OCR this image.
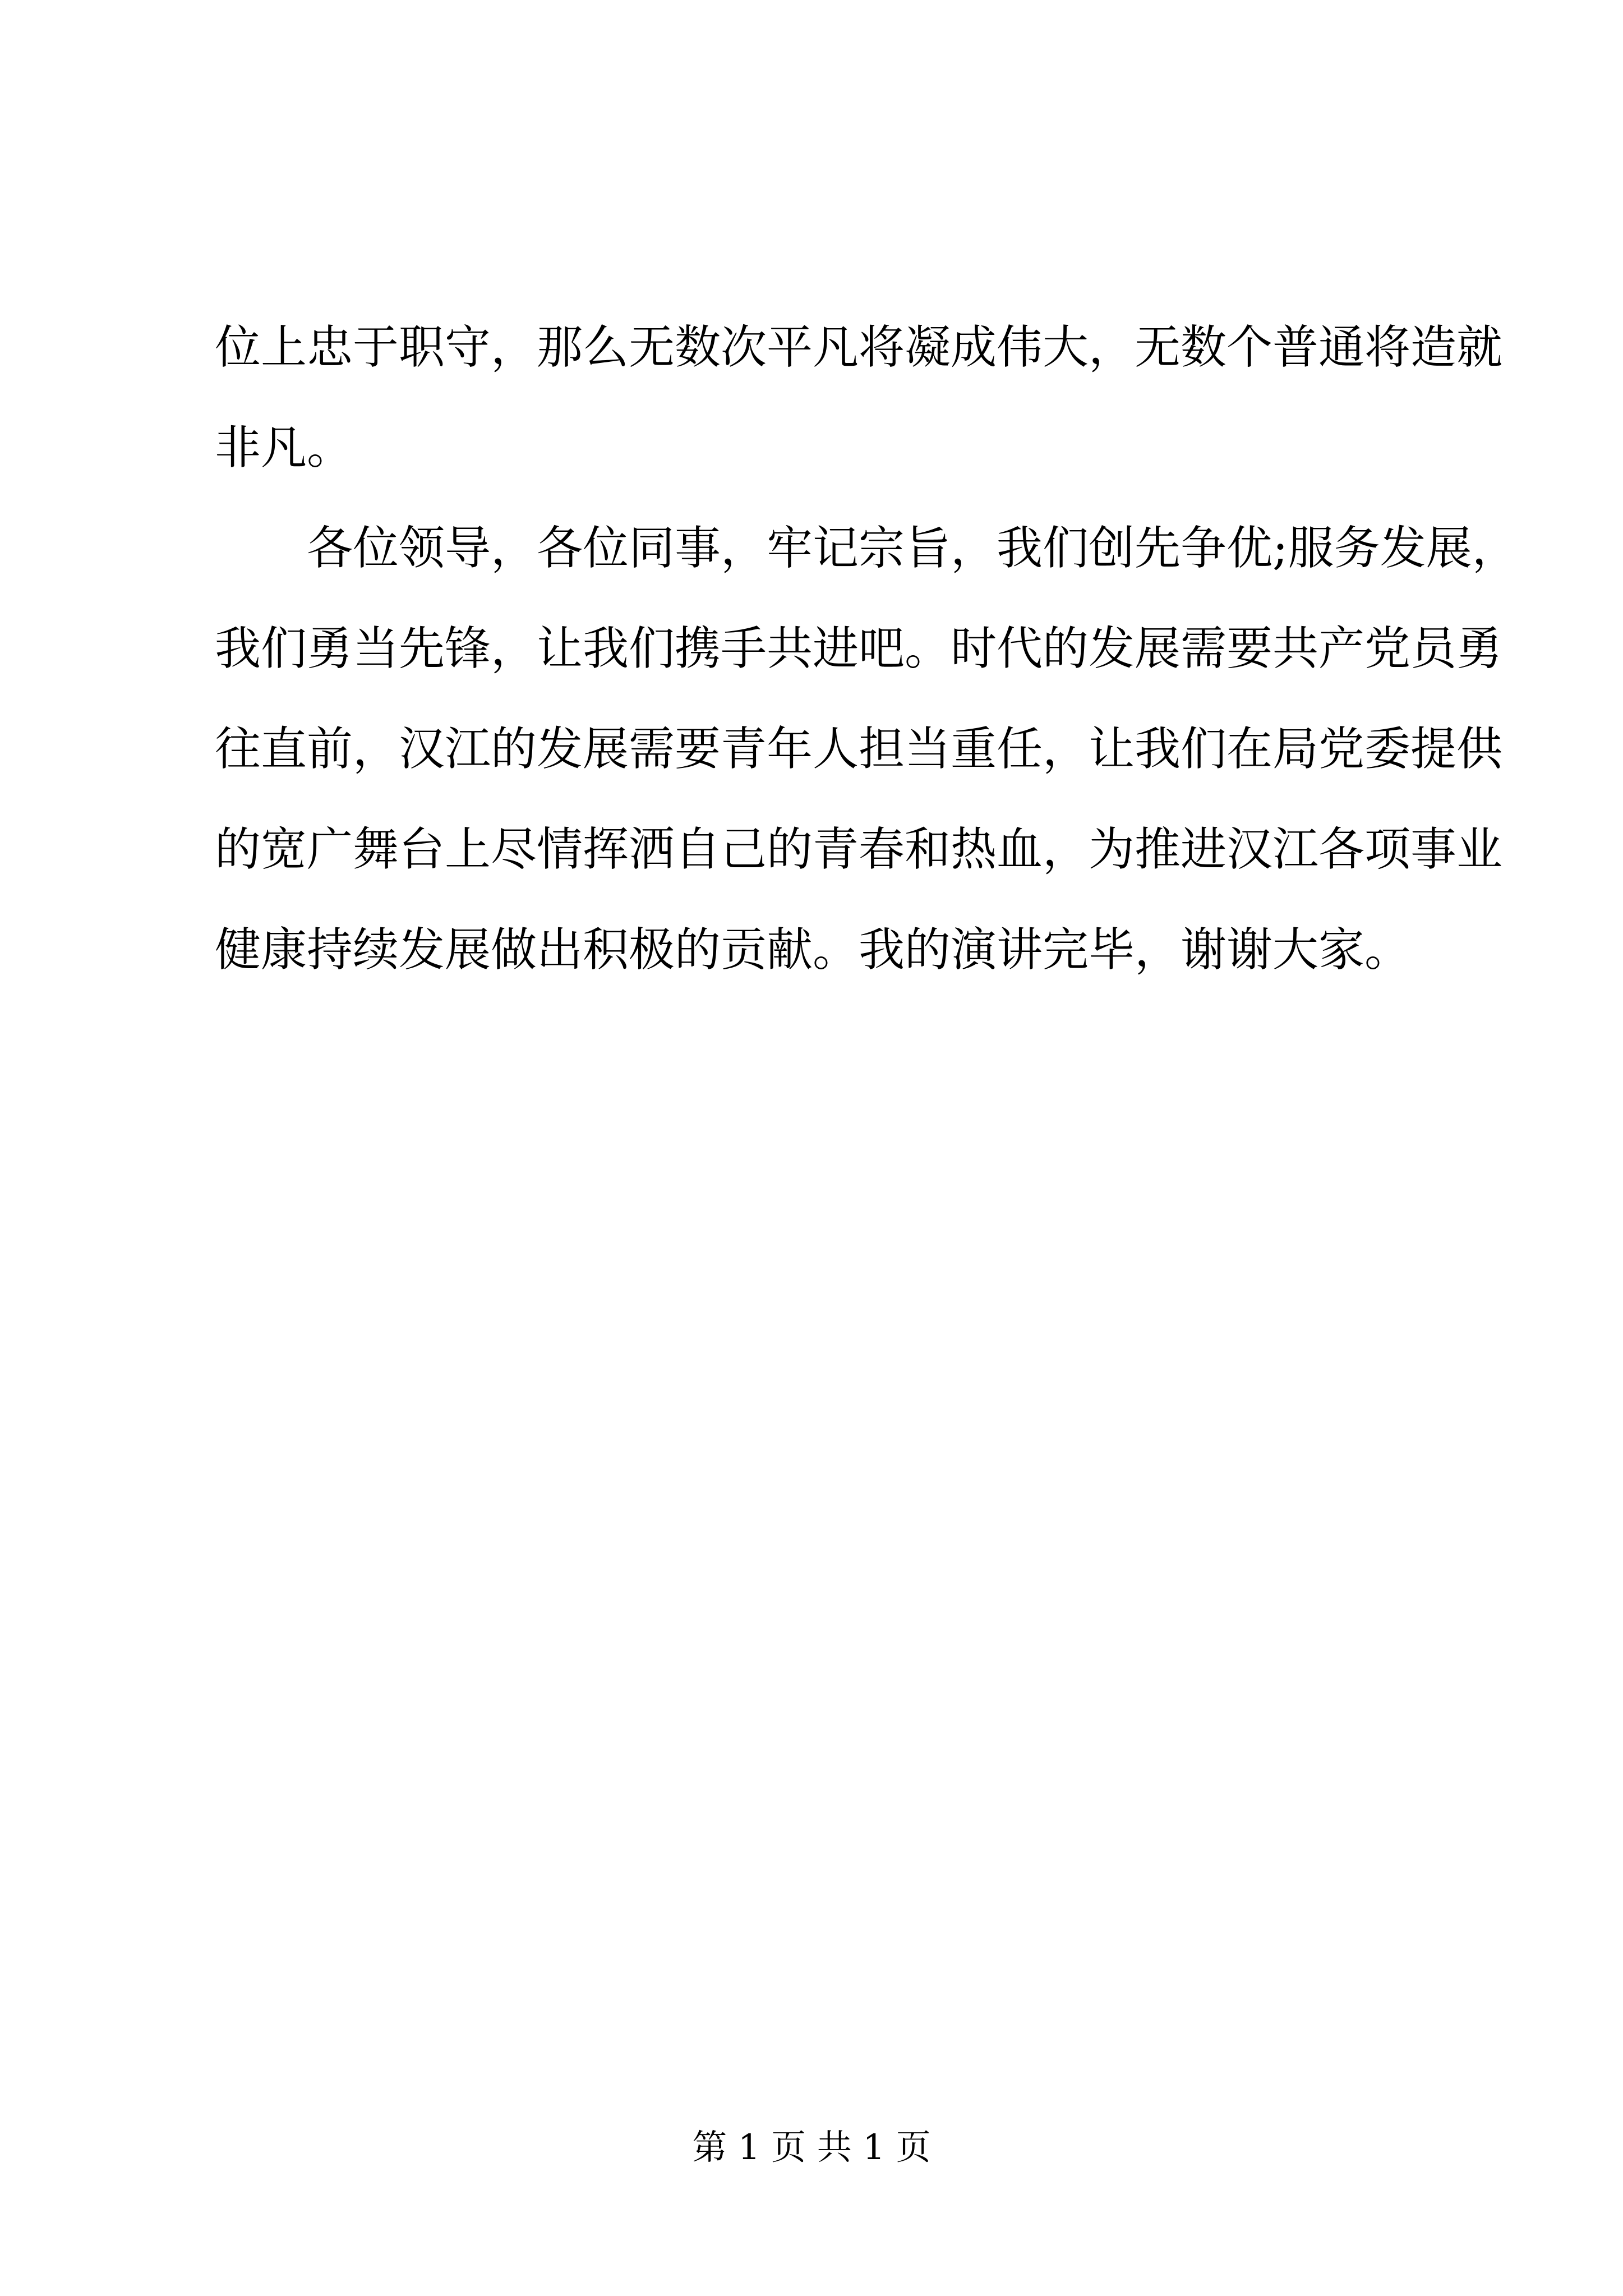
位上忠于职守，那么无数次平凡将凝成伟大，无数个普通将造就
非凡。
　　各位领导，各位同事，牢记宗旨，我们创先争优;服务发展，
我们勇当先锋，让我们携手共进吧。时代的发展需要共产党员勇
往直前，汉江的发展需要青年人担当重任，让我们在局党委提供
的宽广舞台上尽情挥洒自己的青春和热血，为推进汉江各项事业
健康持续发展做出积极的贡献。我的演讲完毕，谢谢大家。
第 1 页 共 1 页
